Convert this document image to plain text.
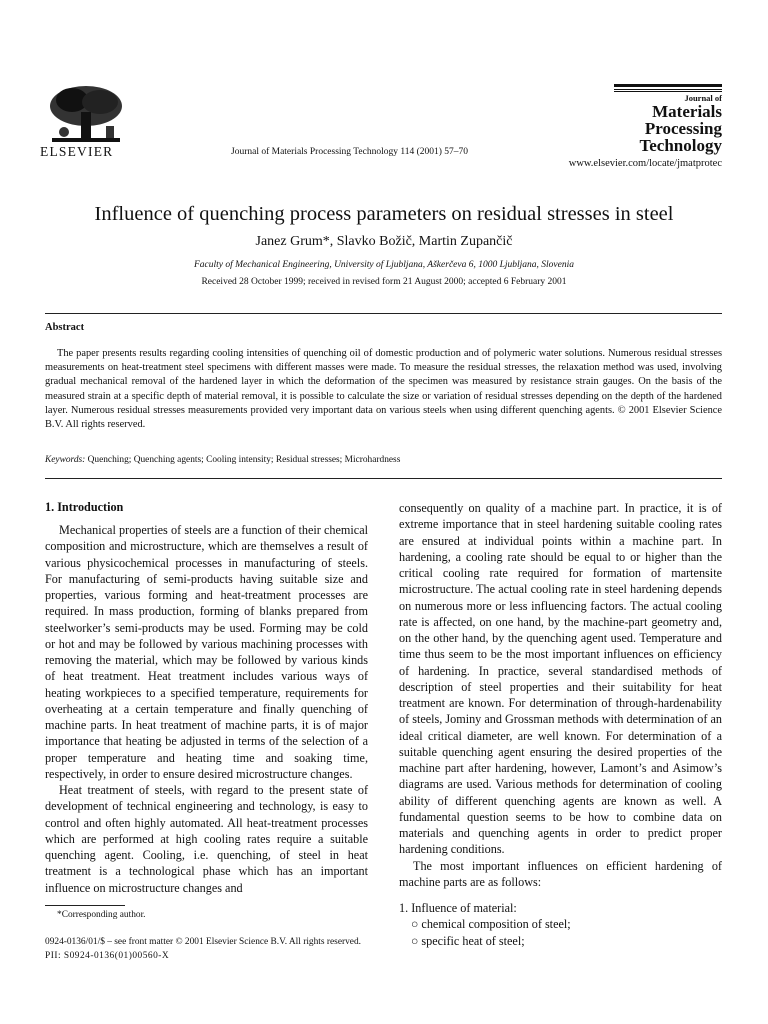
ELSEVIER	Journal of Materials Processing Technology 114 (2001) 57–70
Journal of
Materials
Processing
Technology
www.elsevier.com/locate/jmatprotec
Influence of quenching process parameters on residual stresses in steel
Janez Grum*, Slavko Božič, Martin Zupančič
Faculty of Mechanical Engineering, University of Ljubljana, Aškerčeva 6, 1000 Ljubljana, Slovenia
Received 28 October 1999; received in revised form 21 August 2000; accepted 6 February 2001
Abstract

The paper presents results regarding cooling intensities of quenching oil of domestic production and of polymeric water solutions. Numerous residual stresses measurements on heat-treatment steel specimens with different masses were made. To measure the residual stresses, the relaxation method was used, involving gradual mechanical removal of the hardened layer in which the deformation of the specimen was measured by resistance strain gauges. On the basis of the measured strain at a specific depth of material removal, it is possible to calculate the size or variation of residual stresses depending on the depth of the hardened layer. Numerous residual stresses measurements provided very important data on various steels when using different quenching agents. © 2001 Elsevier Science B.V. All rights reserved.

Keywords: Quenching; Quenching agents; Cooling intensity; Residual stresses; Microhardness
1. Introduction

Mechanical properties of steels are a function of their chemical composition and microstructure, which are themselves a result of various physicochemical processes in manufacturing of steels. For manufacturing of semi-products having suitable size and properties, various forming and heat-treatment processes are required. In mass production, forming of blanks prepared from steelworker’s semi-products may be used. Forming may be cold or hot and may be followed by various machining processes with removing the material, which may be followed by various kinds of heat treatment. Heat treatment includes various ways of heating workpieces to a specified temperature, requirements for overheating at a certain temperature and finally quenching of machine parts. In heat treatment of machine parts, it is of major importance that heating be adjusted in terms of the selection of a proper temperature and heating time and soaking time, respectively, in order to ensure desired microstructure changes.

Heat treatment of steels, with regard to the present state of development of technical engineering and technology, is easy to control and often highly automated. All heat-treatment processes which are performed at high cooling rates require a suitable quenching agent. Cooling, i.e. quenching, of steel in heat treatment is a technological phase which has an important influence on microstructure changes and

consequently on quality of a machine part. In practice, it is of extreme importance that in steel hardening suitable cooling rates are ensured at individual points within a machine part. In hardening, a cooling rate should be equal to or higher than the critical cooling rate required for formation of martensite microstructure. The actual cooling rate in steel hardening depends on numerous more or less influencing factors. The actual cooling rate is affected, on one hand, by the machine-part geometry and, on the other hand, by the quenching agent used. Temperature and time thus seem to be the most important influences on efficiency of hardening. In practice, several standardised methods of description of steel properties and their suitability for heat treatment are known. For determination of through-hardenability of steels, Jominy and Grossman methods with determination of an ideal critical diameter, are well known. For determination of a suitable quenching agent ensuring the desired properties of the machine part after hardening, however, Lamont’s and Asimow’s diagrams are used. Various methods for determination of cooling ability of different quenching agents are known as well. A fundamental question seems to be how to combine data on materials and quenching agents in order to predict proper hardening conditions.

The most important influences on efficient hardening of machine parts are as follows:

1. Influence of material:

○ chemical composition of steel;

○ specific heat of steel;

*Corresponding author.
0924-0136/01/$ – see front matter © 2001 Elsevier Science B.V. All rights reserved.
PII: S0924-0136(01)00560-X
